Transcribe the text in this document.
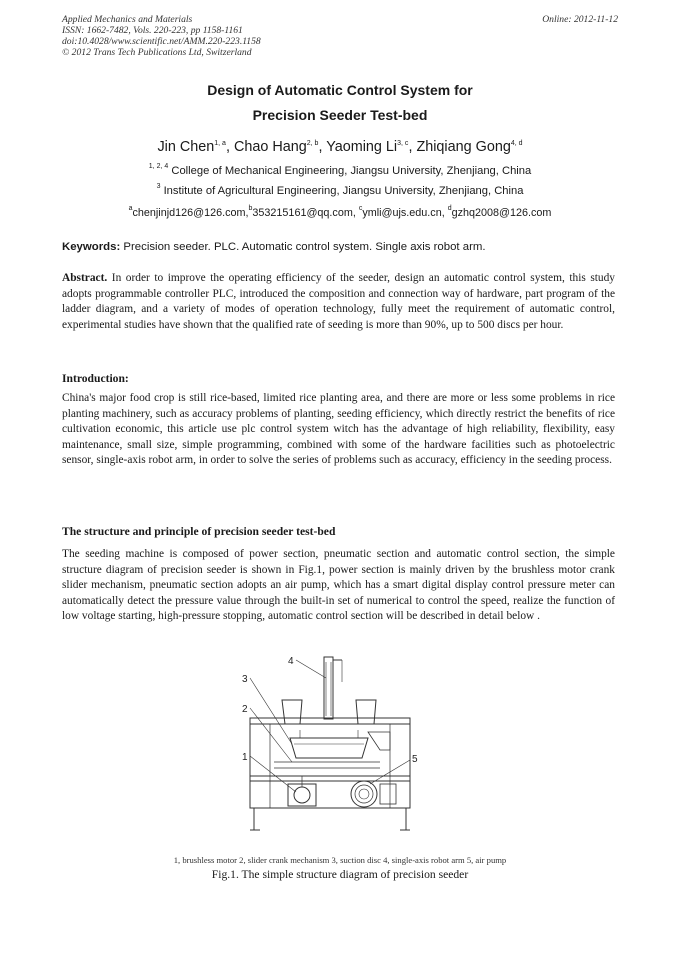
Applied Mechanics and Materials
ISSN: 1662-7482, Vols. 220-223, pp 1158-1161
doi:10.4028/www.scientific.net/AMM.220-223.1158
© 2012 Trans Tech Publications Ltd, Switzerland
Online: 2012-11-12
Design of Automatic Control System for
Precision Seeder Test-bed
Jin Chen$^{1, a}$, Chao Hang$^{2, b}$, Yaoming Li$^{3, c}$, Zhiqiang Gong$^{4, d}$
$^{1, 2, 4}$ College of Mechanical Engineering, Jiangsu University, Zhenjiang, China
$^3$ Institute of Agricultural Engineering, Jiangsu University, Zhenjiang, China
$^a$chenjinjd126@126.com,$^b$353215161@qq.com, $^c$ymli@ujs.edu.cn, $^d$gzhq2008@126.com
Keywords: Precision seeder. PLC. Automatic control system. Single axis robot arm.

Abstract. In order to improve the operating efficiency of the seeder, design an automatic control system, this study adopts programmable controller PLC, introduced the composition and connection way of hardware, part program of the ladder diagram, and a variety of modes of operation technology, fully meet the requirement of automatic control, experimental studies have shown that the qualified rate of seeding is more than 90%, up to 500 discs per hour.

Introduction:

China's major food crop is still rice-based, limited rice planting area, and there are more or less some problems in rice planting machinery, such as accuracy problems of planting, seeding efficiency, which directly restrict the benefits of rice cultivation economic, this article use plc control system witch has the advantage of high reliability, flexibility, easy maintenance, small size, simple programming, combined with some of the hardware facilities such as photoelectric sensor, single-axis robot arm, in order to solve the series of problems such as accuracy, efficiency in the seeding process.

The structure and principle of precision seeder test-bed

The seeding machine is composed of power section, pneumatic section and automatic control section, the simple structure diagram of precision seeder is shown in Fig.1, power section is mainly driven by the brushless motor crank slider mechanism, pneumatic section adopts an air pump, which has a smart digital display control pressure meter can automatically detect the pressure value through the built-in set of numerical to control the speed, realize the function of low voltage starting, high-pressure stopping, automatic control section will be described in detail below .

1
2
3
4
5
1, brushless motor 2, slider crank mechanism 3, suction disc 4, single-axis robot arm 5, air pump
Fig.1. The simple structure diagram of precision seeder
